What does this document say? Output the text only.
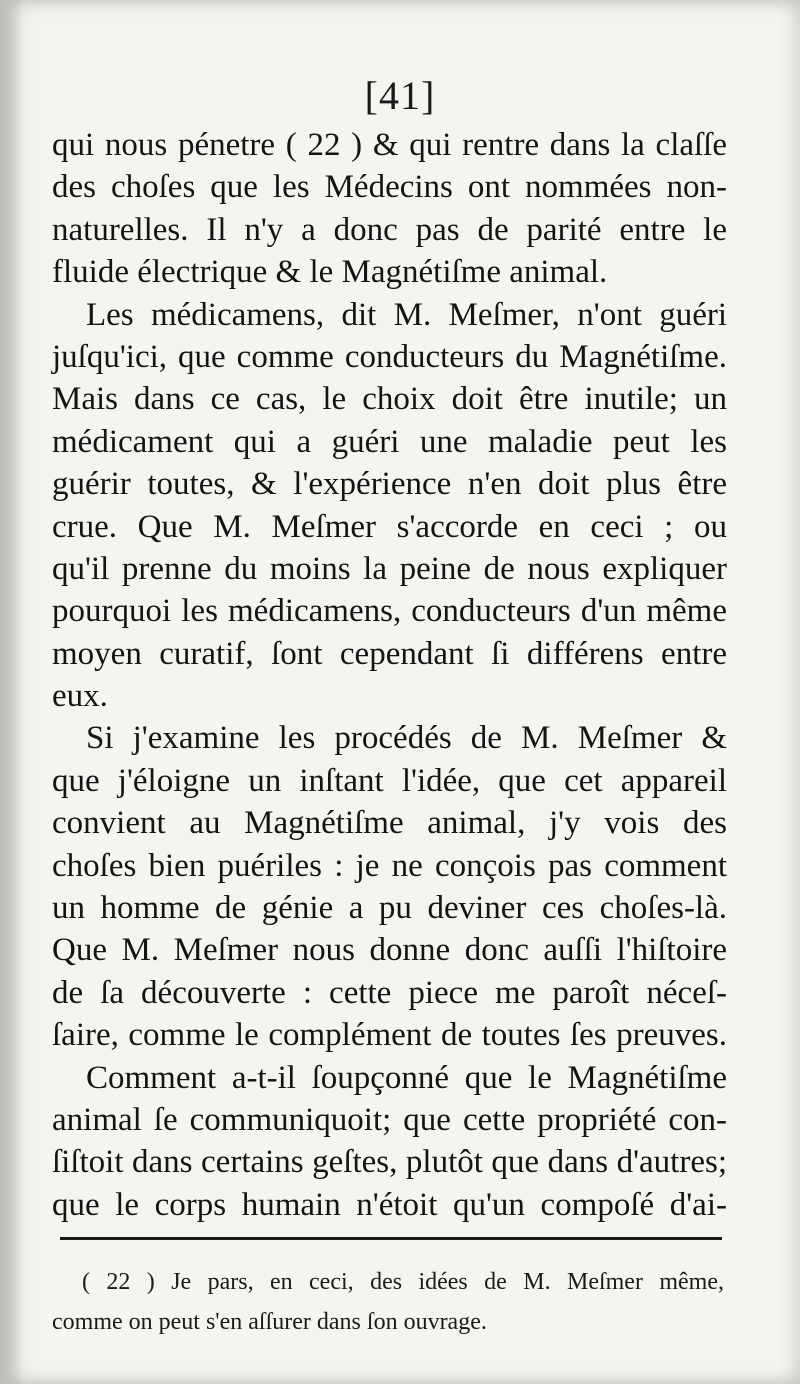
[41]
qui nous pénetre ( 22 ) & qui rentre dans la claſſe
des choſes que les Médecins ont nommées non-
naturelles. Il n'y a donc pas de parité entre le
fluide électrique & le Magnétiſme animal.
Les médicamens, dit M. Meſmer, n'ont guéri
juſqu'ici, que comme conducteurs du Magnétiſme.
Mais dans ce cas, le choix doit être inutile; un
médicament qui a guéri une maladie peut les
guérir toutes, & l'expérience n'en doit plus être
crue. Que M. Meſmer s'accorde en ceci ; ou
qu'il prenne du moins la peine de nous expliquer
pourquoi les médicamens, conducteurs d'un même
moyen curatif, ſont cependant ſi différens entre
eux.
Si j'examine les procédés de M. Meſmer &
que j'éloigne un inſtant l'idée, que cet appareil
convient au Magnétiſme animal, j'y vois des
choſes bien puériles : je ne conçois pas comment
un homme de génie a pu deviner ces choſes-là.
Que M. Meſmer nous donne donc auſſi l'hiſtoire
de ſa découverte : cette piece me paroît néceſ-
ſaire, comme le complément de toutes ſes preuves.
Comment a-t-il ſoupçonné que le Magnétiſme
animal ſe communiquoit; que cette propriété con-
ſiſtoit dans certains geſtes, plutôt que dans d'autres;
que le corps humain n'étoit qu'un compoſé d'ai-
( 22 ) Je pars, en ceci, des idées de M. Meſmer même,
comme on peut s'en aſſurer dans ſon ouvrage.
